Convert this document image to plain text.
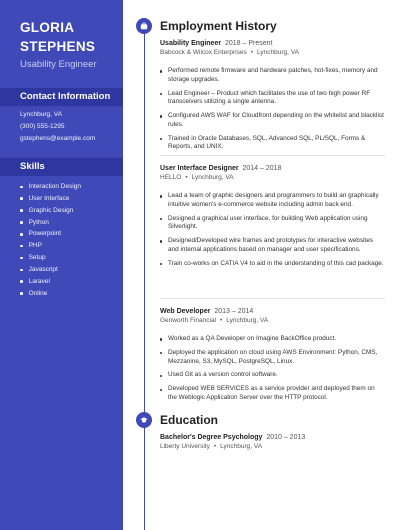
GLORIA
STEPHENS
Usability Engineer
Contact Information
Lynchburg, VA
(300) 555-1295
gstephens@example.com
Skills
Interaction Design
User Interface
Graphic Design
Python
Powerpoint
PHP
Setup
Javascript
Laravel
Online
Employment History
Usability Engineer 2018 – Present
Babcock & Wilcox Enterprises • Lynchburg, VA
Performed remote firmware and hardware patches, hot-fixes, memory and storage upgrades.
Lead Engineer – Product which facilitates the use of two high power RF transceivers utilizing a single antenna.
Configured AWS WAF for Cloudfront depending on the whitelist and blacklist rules.
Trained in Oracle Databases, SQL, Advanced SQL, PL/SQL, Forms & Reports, and UNIX.
User Interface Designer 2014 – 2018
HELLO • Lynchburg, VA
Lead a team of graphic designers and programmers to build an graphically intuitive women's e-commerce website including admin back end.
Designed a graphical user interface, for building Web application using Silverlight.
Designed/Developed wire frames and prototypes for interactive websites and internal applications based on manager and user specifications.
Train co-works on CATIA V4 to aid in the understanding of this cad package.
Web Developer 2013 – 2014
Genworth Financial • Lynchburg, VA
Worked as a QA Developer on Imagine BackOffice product.
Deployed the application on cloud using AWS Environment: Python, CMS, Mezzanine, S3, MySQL, PostgreSQL, Linux.
Used Git as a version control software.
Developed WEB SERVICES as a service provider and deployed them on the Weblogic Application Server over the HTTP protocol.
Education
Bachelor's Degree Psychology 2010 – 2013
Liberty University • Lynchburg, VA
